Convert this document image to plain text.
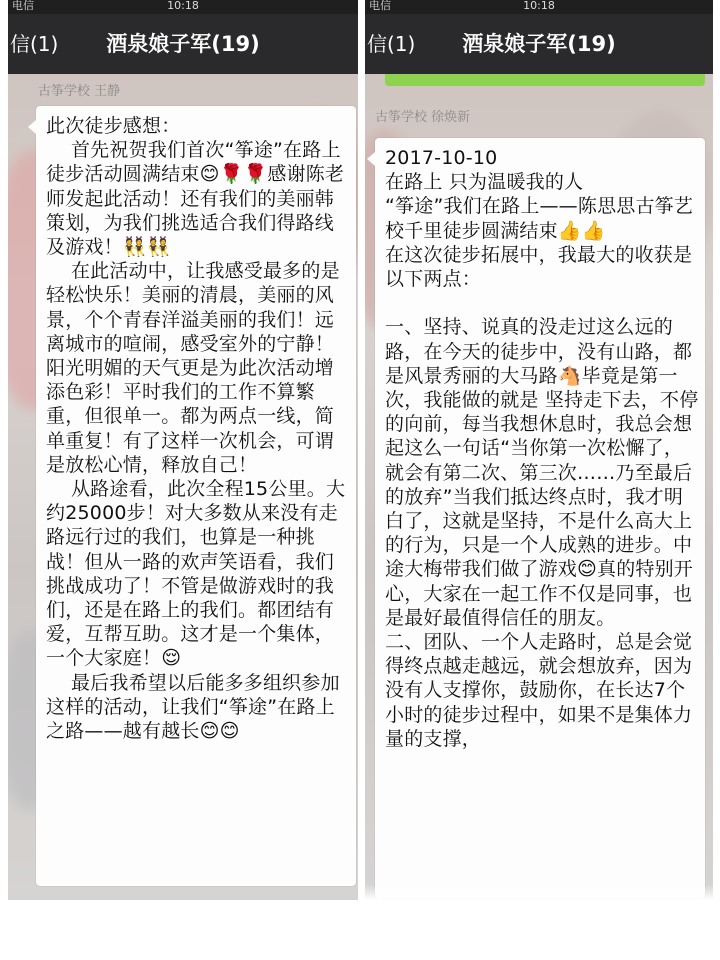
电信	10:18
信(1)	酒泉娘子军(19)
古筝学校 王静

此次徒步感想：
首先祝贺我们首次“筝途”在路上徒步活动圆满结束😊🌹🌹感谢陈老师发起此活动！还有我们的美丽韩策划，为我们挑选适合我们得路线及游戏！👯👯
在此活动中，让我感受最多的是轻松快乐！美丽的清晨，美丽的风景，个个青春洋溢美丽的我们！远离城市的喧闹，感受室外的宁静！阳光明媚的天气更是为此次活动增添色彩！平时我们的工作不算繁重，但很单一。都为两点一线，简单重复！有了这样一次机会，可谓是放松心情，释放自己！
从路途看，此次全程15公里。大约25000步！对大多数从来没有走路远行过的我们，也算是一种挑战！但从一路的欢声笑语看，我们挑战成功了！不管是做游戏时的我们，还是在路上的我们。都团结有爱，互帮互助。这才是一个集体，一个大家庭！😌
最后我希望以后能多多组织参加这样的活动，让我们“筝途”在路上之路——越有越长😊😊

电信	10:18
信(1)	酒泉娘子军(19)
古筝学校 徐焕新

2017-10-10
在路上 只为温暖我的人
“筝途”我们在路上——陈思思古筝艺校千里徒步圆满结束👍👍
在这次徒步拓展中，我最大的收获是以下两点：

一、坚持、说真的没走过这么远的路，在今天的徒步中，没有山路，都是风景秀丽的大马路🐴毕竟是第一次，我能做的就是 坚持走下去，不停的向前，每当我想休息时，我总会想起这么一句话“当你第一次松懈了，就会有第二次、第三次……乃至最后的放弃”当我们抵达终点时，我才明白了，这就是坚持，不是什么高大上的行为，只是一个人成熟的进步。中途大梅带我们做了游戏😊真的特别开心，大家在一起工作不仅是同事，也是最好最值得信任的朋友。
二、团队、一个人走路时，总是会觉得终点越走越远，就会想放弃，因为没有人支撑你，鼓励你，在长达7个小时的徒步过程中，如果不是集体力量的支撑，
